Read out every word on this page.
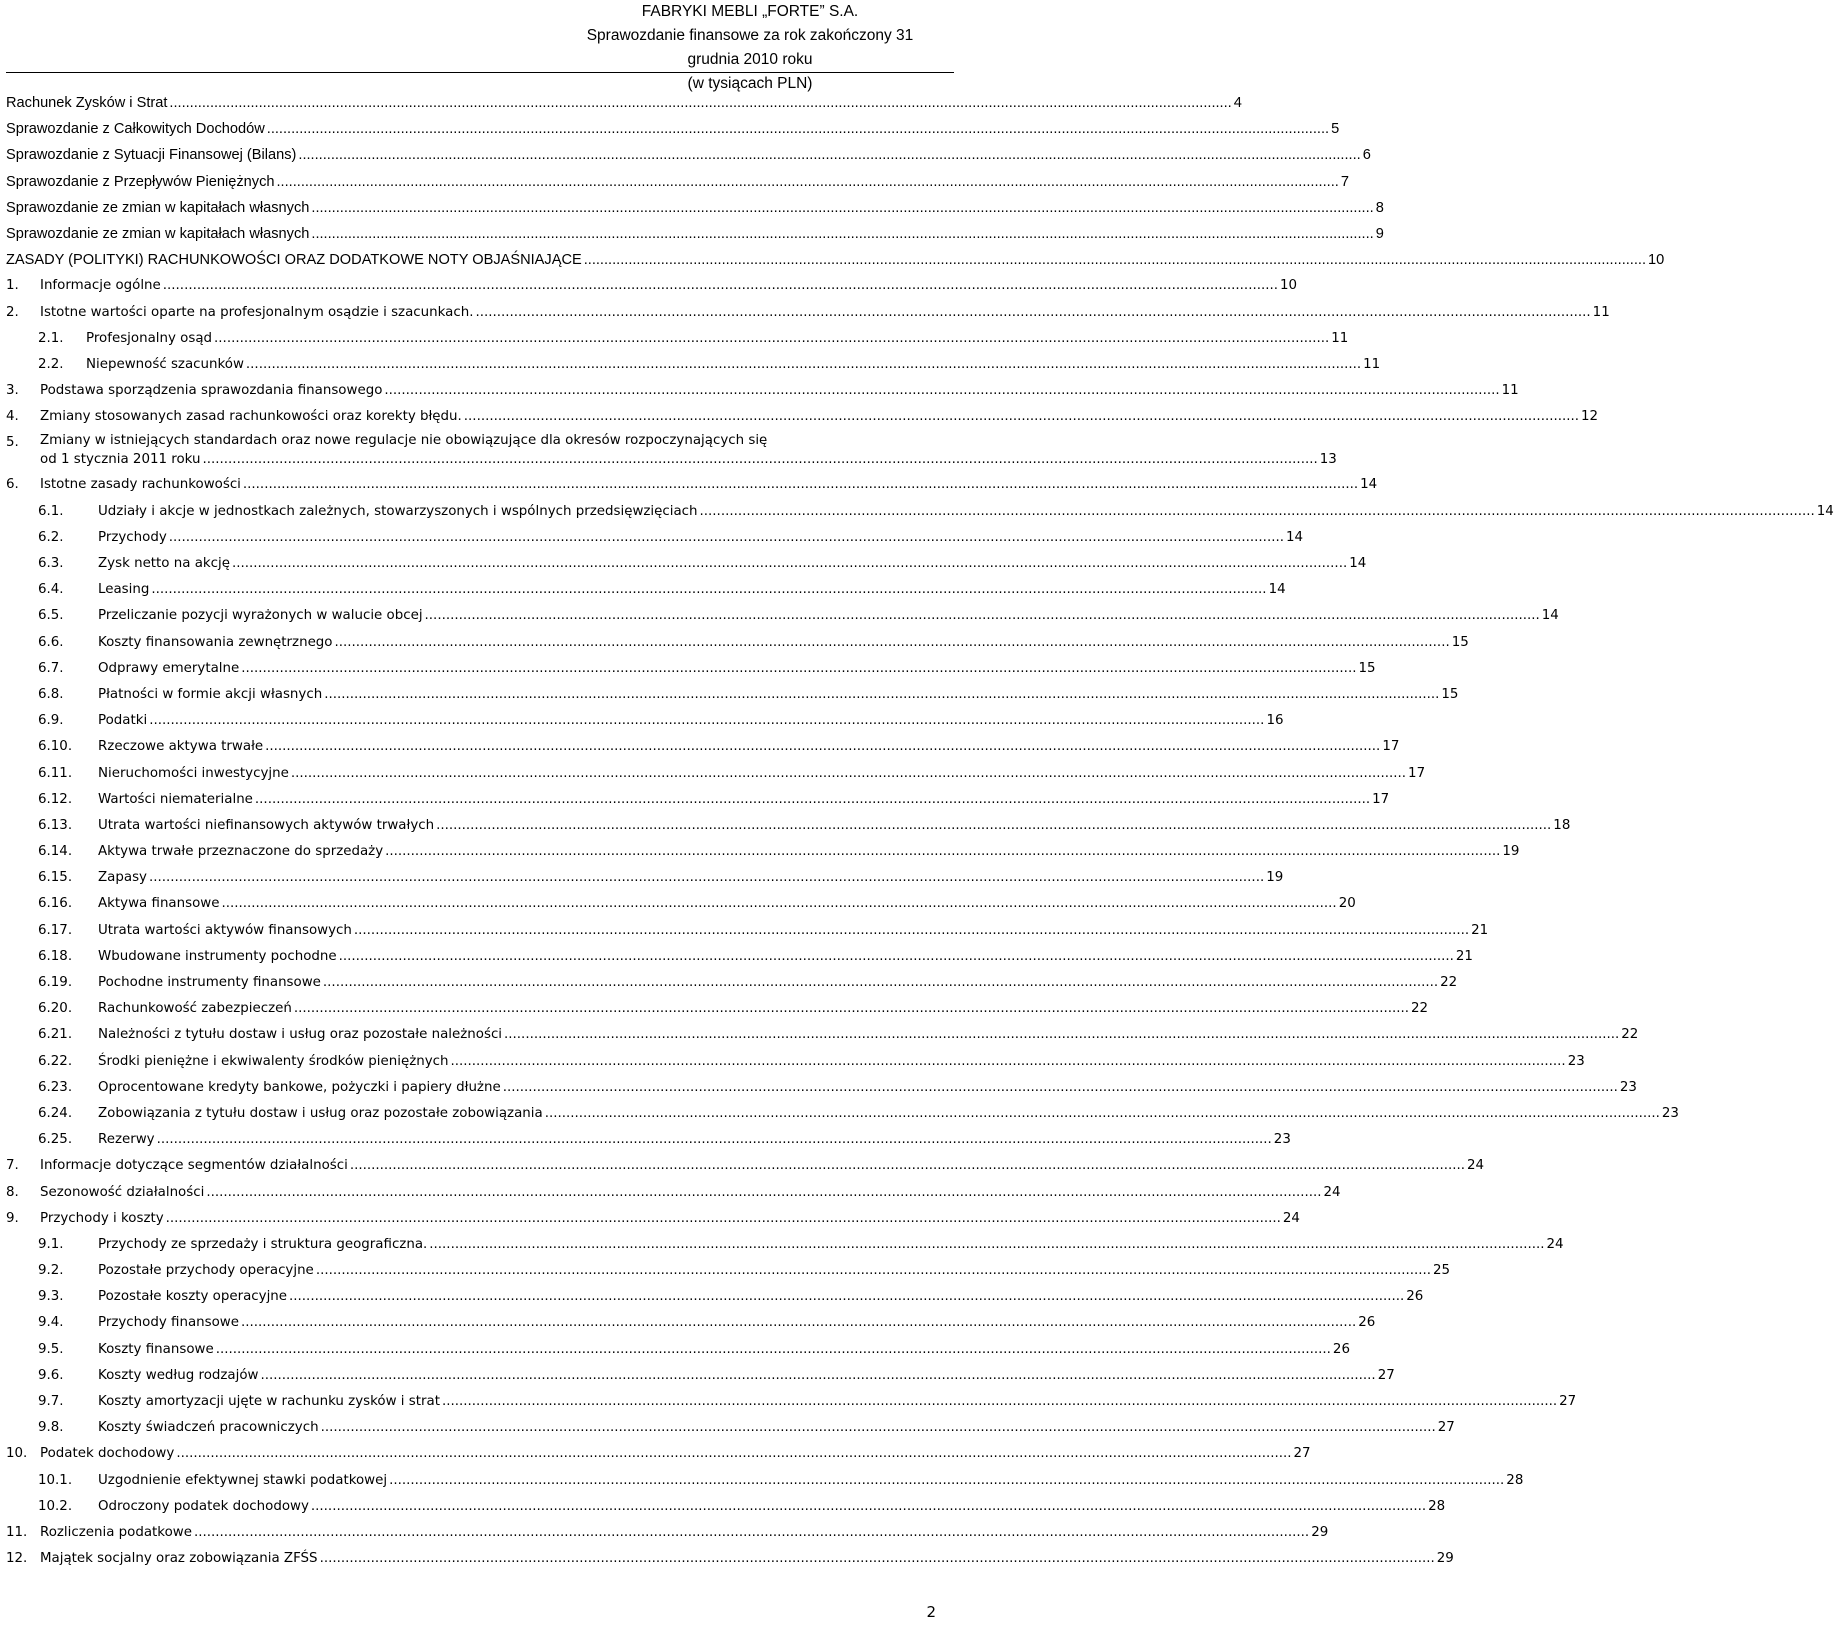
FABRYKI MEBLI „FORTE” S.A.
Sprawozdanie finansowe za rok zakończony 31 grudnia 2010 roku
(w tysiącach PLN)
Rachunek Zysków i Strat .....	4
Sprawozdanie z Całkowitych Dochodów .....	5
Sprawozdanie z Sytuacji Finansowej (Bilans) .....	6
Sprawozdanie z Przepływów Pieniężnych .....	7
Sprawozdanie ze zmian w kapitałach własnych .....	8
Sprawozdanie ze zmian w kapitałach własnych .....	9
ZASADY (POLITYKI) RACHUNKOWOŚCI ORAZ DODATKOWE NOTY OBJAŚNIAJĄCE .....	10
1.	Informacje ogólne .....	10
2.	Istotne wartości oparte na profesjonalnym osądzie i szacunkach. .....	11
2.1.	Profesjonalny osąd .....	11
2.2.	Niepewność szacunków .....	11
3.	Podstawa sporządzenia sprawozdania finansowego .....	11
4.	Zmiany stosowanych zasad rachunkowości oraz korekty błędu. .....	12
5. Zmiany w istniejących standardach oraz nowe regulacje nie obowiązujące dla okresów rozpoczynających się
od 1 stycznia 2011 roku .....	13
6.	Istotne zasady rachunkowości .....	14
6.1.	Udziały i akcje w jednostkach zależnych, stowarzyszonych i wspólnych przedsięwzięciach .....	14
6.2.	Przychody .....	14
6.3.	Zysk netto na akcję .....	14
6.4.	Leasing .....	14
6.5.	Przeliczanie pozycji wyrażonych w walucie obcej .....	14
6.6.	Koszty finansowania zewnętrznego .....	15
6.7.	Odprawy emerytalne .....	15
6.8.	Płatności w formie akcji własnych .....	15
6.9.	Podatki .....	16
6.10.	Rzeczowe aktywa trwałe .....	17
6.11.	Nieruchomości inwestycyjne .....	17
6.12.	Wartości niematerialne .....	17
6.13.	Utrata wartości niefinansowych aktywów trwałych .....	18
6.14.	Aktywa trwałe przeznaczone do sprzedaży .....	19
6.15.	Zapasy .....	19
6.16.	Aktywa finansowe .....	20
6.17.	Utrata wartości aktywów finansowych .....	21
6.18.	Wbudowane instrumenty pochodne .....	21
6.19.	Pochodne instrumenty finansowe .....	22
6.20.	Rachunkowość zabezpieczeń .....	22
6.21.	Należności z tytułu dostaw i usług oraz pozostałe należności .....	22
6.22.	Środki pieniężne i ekwiwalenty środków pieniężnych .....	23
6.23.	Oprocentowane kredyty bankowe, pożyczki i papiery dłużne .....	23
6.24.	Zobowiązania z tytułu dostaw i usług oraz pozostałe zobowiązania .....	23
6.25.	Rezerwy .....	23
7.	Informacje dotyczące segmentów działalności .....	24
8.	Sezonowość działalności .....	24
9.	Przychody i koszty .....	24
9.1.	Przychody ze sprzedaży i struktura geograficzna. .....	24
9.2.	Pozostałe przychody operacyjne .....	25
9.3.	Pozostałe koszty operacyjne .....	26
9.4.	Przychody finansowe .....	26
9.5.	Koszty finansowe .....	26
9.6.	Koszty według rodzajów .....	27
9.7.	Koszty amortyzacji ujęte w rachunku zysków i strat .....	27
9.8.	Koszty świadczeń pracowniczych .....	27
10. Podatek dochodowy .....	27
10.1.	Uzgodnienie efektywnej stawki podatkowej .....	28
10.2.	Odroczony podatek dochodowy .....	28
11. Rozliczenia podatkowe .....	29
12. Majątek socjalny oraz zobowiązania ZFŚS .....	29
2
